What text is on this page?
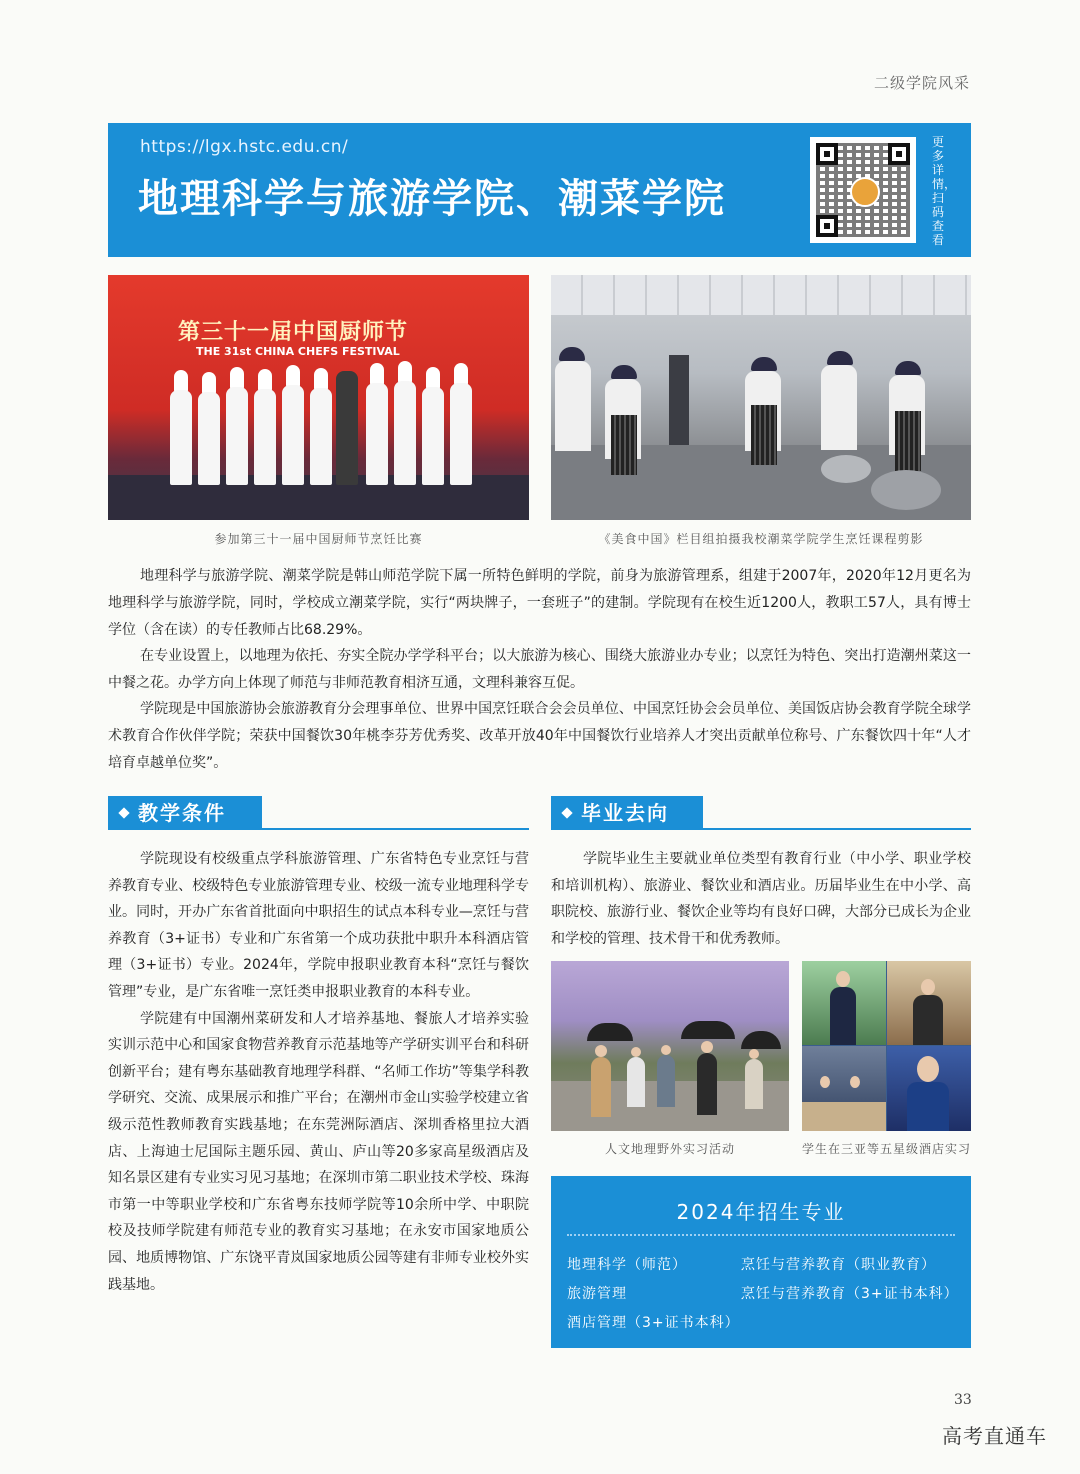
二级学院风采
https://lgx.hstc.edu.cn/
地理科学与旅游学院、潮菜学院
更多详情，扫码查看
第三十一届中国厨师节
THE 31st CHINA CHEFS FESTIVAL
参加第三十一届中国厨师节烹饪比赛	《美食中国》栏目组拍摄我校潮菜学院学生烹饪课程剪影
地理科学与旅游学院、潮菜学院是韩山师范学院下属一所特色鲜明的学院，前身为旅游管理系，组建于2007年，2020年12月更名为地理科学与旅游学院，同时，学校成立潮菜学院，实行“两块牌子，一套班子”的建制。学院现有在校生近1200人，教职工57人，具有博士学位（含在读）的专任教师占比68.29%。
在专业设置上，以地理为依托、夯实全院办学学科平台；以大旅游为核心、围绕大旅游业办专业；以烹饪为特色、突出打造潮州菜这一中餐之花。办学方向上体现了师范与非师范教育相济互通，文理科兼容互促。
学院现是中国旅游协会旅游教育分会理事单位、世界中国烹饪联合会会员单位、中国烹饪协会会员单位、美国饭店协会教育学院全球学术教育合作伙伴学院；荣获中国餐饮30年桃李芬芳优秀奖、改革开放40年中国餐饮行业培养人才突出贡献单位称号、广东餐饮四十年“人才培育卓越单位奖”。
教学条件

学院现设有校级重点学科旅游管理、广东省特色专业烹饪与营养教育专业、校级特色专业旅游管理专业、校级一流专业地理科学专业。同时，开办广东省首批面向中职招生的试点本科专业—烹饪与营养教育（3+证书）专业和广东省第一个成功获批中职升本科酒店管理（3+证书）专业。2024年，学院申报职业教育本科“烹饪与餐饮管理”专业，是广东省唯一烹饪类申报职业教育的本科专业。

学院建有中国潮州菜研发和人才培养基地、餐旅人才培养实验实训示范中心和国家食物营养教育示范基地等产学研实训平台和科研创新平台；建有粤东基础教育地理学科群、“名师工作坊”等集学科教学研究、交流、成果展示和推广平台；在潮州市金山实验学校建立省级示范性教师教育实践基地；在东莞洲际酒店、深圳香格里拉大酒店、上海迪士尼国际主题乐园、黄山、庐山等20多家高星级酒店及知名景区建有专业实习见习基地；在深圳市第二职业技术学校、珠海市第一中等职业学校和广东省粤东技师学院等10余所中学、中职院校及技师学院建有师范专业的教育实习基地；在永安市国家地质公园、地质博物馆、广东饶平青岚国家地质公园等建有非师专业校外实践基地。

毕业去向

学院毕业生主要就业单位类型有教育行业（中小学、职业学校和培训机构）、旅游业、餐饮业和酒店业。历届毕业生在中小学、高职院校、旅游行业、餐饮企业等均有良好口碑，大部分已成长为企业和学校的管理、技术骨干和优秀教师。

人文地理野外实习活动	学生在三亚等五星级酒店实习
2024年招生专业
地理科学（师范）	烹饪与营养教育（职业教育）
旅游管理	烹饪与营养教育（3+证书本科）
酒店管理（3+证书本科）
33
高考直通车
